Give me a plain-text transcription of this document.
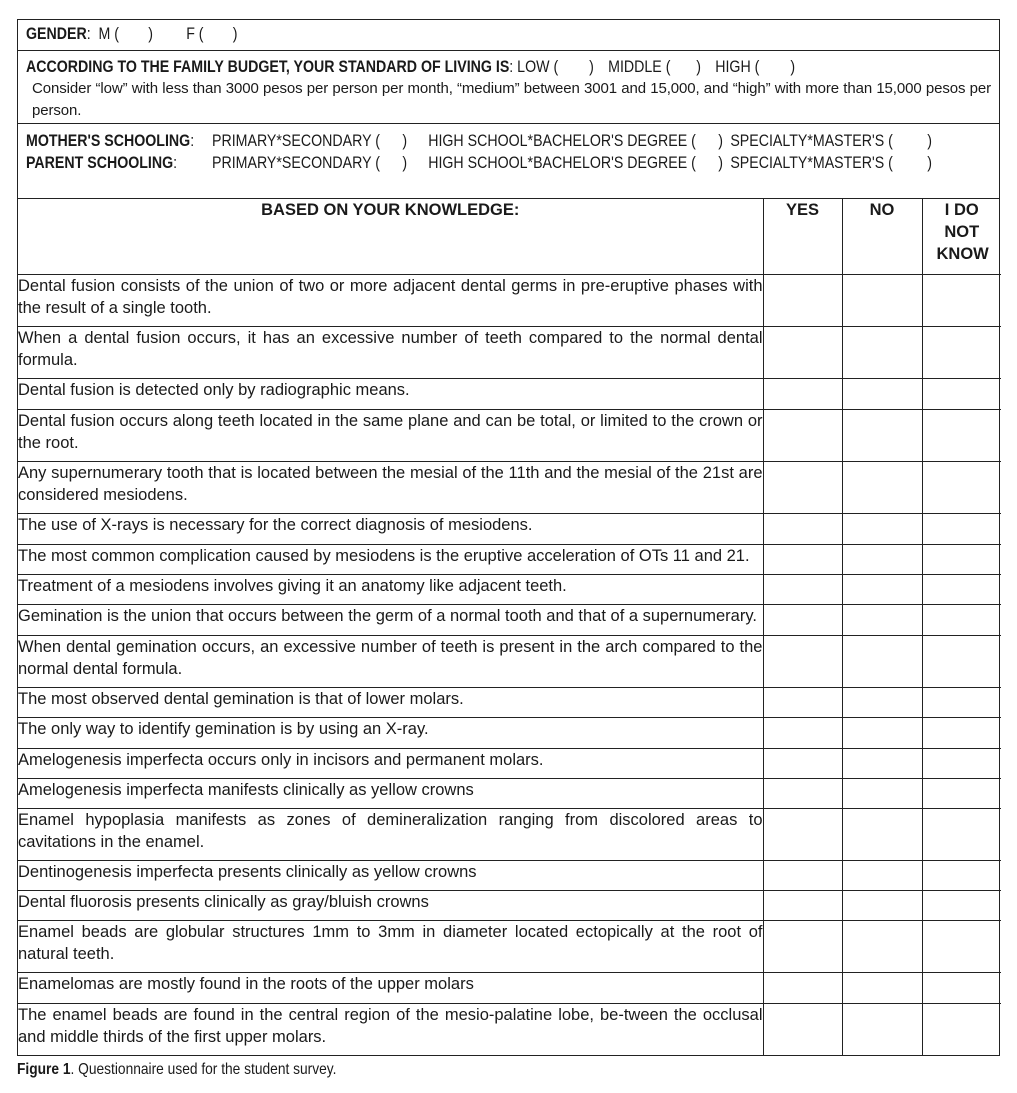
GENDER:  M ( ) F ( )
ACCORDING TO THE FAMILY BUDGET, YOUR STANDARD OF LIVING IS: LOW ( ) MIDDLE ( ) HIGH ( )
Consider “low” with less than 3000 pesos per person per month, “medium” between 3001 and 15,000, and “high” with more than 15,000 pesos per person.
MOTHER'S SCHOOLING: PRIMARY*SECONDARY ( ) HIGH SCHOOL*BACHELOR'S DEGREE ( ) SPECIALTY*MASTER'S ( )
PARENT SCHOOLING: PRIMARY*SECONDARY ( ) HIGH SCHOOL*BACHELOR'S DEGREE ( ) SPECIALTY*MASTER'S ( )
BASED ON YOUR KNOWLEDGE:	YES	NO	I DO NOT KNOW
Dental fusion consists of the union of two or more adjacent dental germs in pre-eruptive phases with the result of a single tooth.			
When a dental fusion occurs, it has an excessive number of teeth compared to the normal dental formula.			
Dental fusion is detected only by radiographic means.			
Dental fusion occurs along teeth located in the same plane and can be total, or limited to the crown or the root.			
Any supernumerary tooth that is located between the mesial of the 11th and the mesial of the 21st are considered mesiodens.			
The use of X-rays is necessary for the correct diagnosis of mesiodens.			
The most common complication caused by mesiodens is the eruptive acceleration of OTs 11 and 21.			
Treatment of a mesiodens involves giving it an anatomy like adjacent teeth.			
Gemination is the union that occurs between the germ of a normal tooth and that of a supernumerary.			
When dental gemination occurs, an excessive number of teeth is present in the arch compared to the normal dental formula.			
The most observed dental gemination is that of lower molars.			
The only way to identify gemination is by using an X-ray.			
Amelogenesis imperfecta occurs only in incisors and permanent molars.			
Amelogenesis imperfecta manifests clinically as yellow crowns			
Enamel hypoplasia manifests as zones of demineralization ranging from discolored areas to cavitations in the enamel.			
Dentinogenesis imperfecta presents clinically as yellow crowns			
Dental fluorosis presents clinically as gray/bluish crowns			
Enamel beads are globular structures 1mm to 3mm in diameter located ectopically at the root of natural teeth.			
Enamelomas are mostly found in the roots of the upper molars			
The enamel beads are found in the central region of the mesio-palatine lobe, be-tween the occlusal and middle thirds of the first upper molars.			
Figure 1. Questionnaire used for the student survey.
